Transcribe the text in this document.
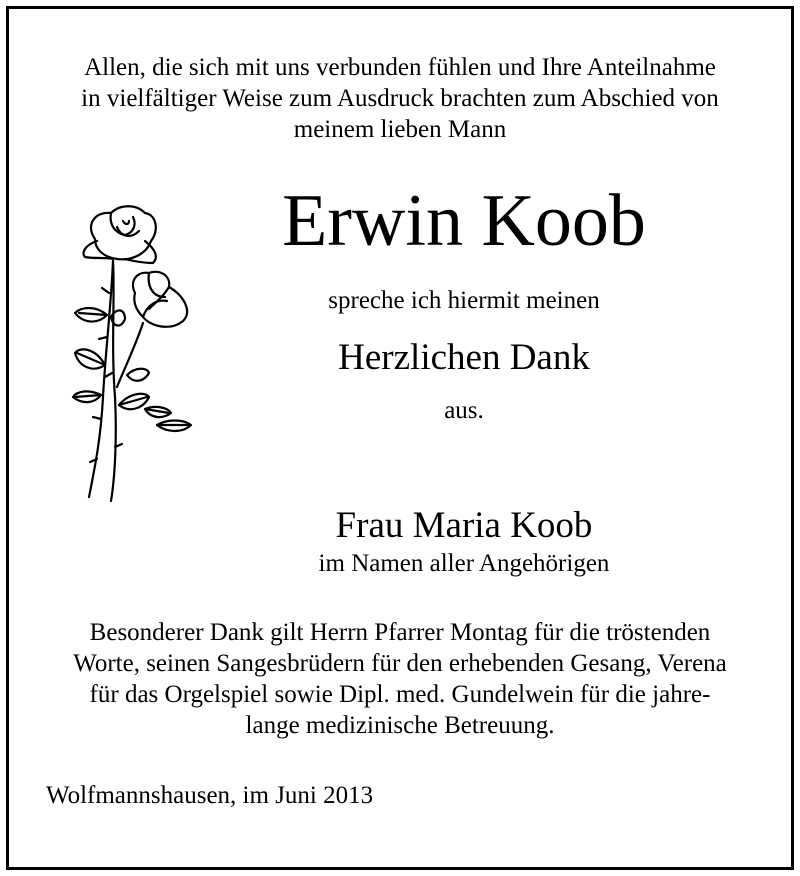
Allen, die sich mit uns verbunden fühlen und Ihre Anteilnahme
in vielfältiger Weise zum Ausdruck brachten zum Abschied von
meinem lieben Mann
Erwin Koob
spreche ich hiermit meinen
Herzlichen Dank
aus.
Frau Maria Koob
im Namen aller Angehörigen
Besonderer Dank gilt Herrn Pfarrer Montag für die tröstenden
Worte, seinen Sangesbrüdern für den erhebenden Gesang, Verena
für das Orgelspiel sowie Dipl. med. Gundelwein für die jahre-
lange medizinische Betreuung.
Wolfmannshausen, im Juni 2013
